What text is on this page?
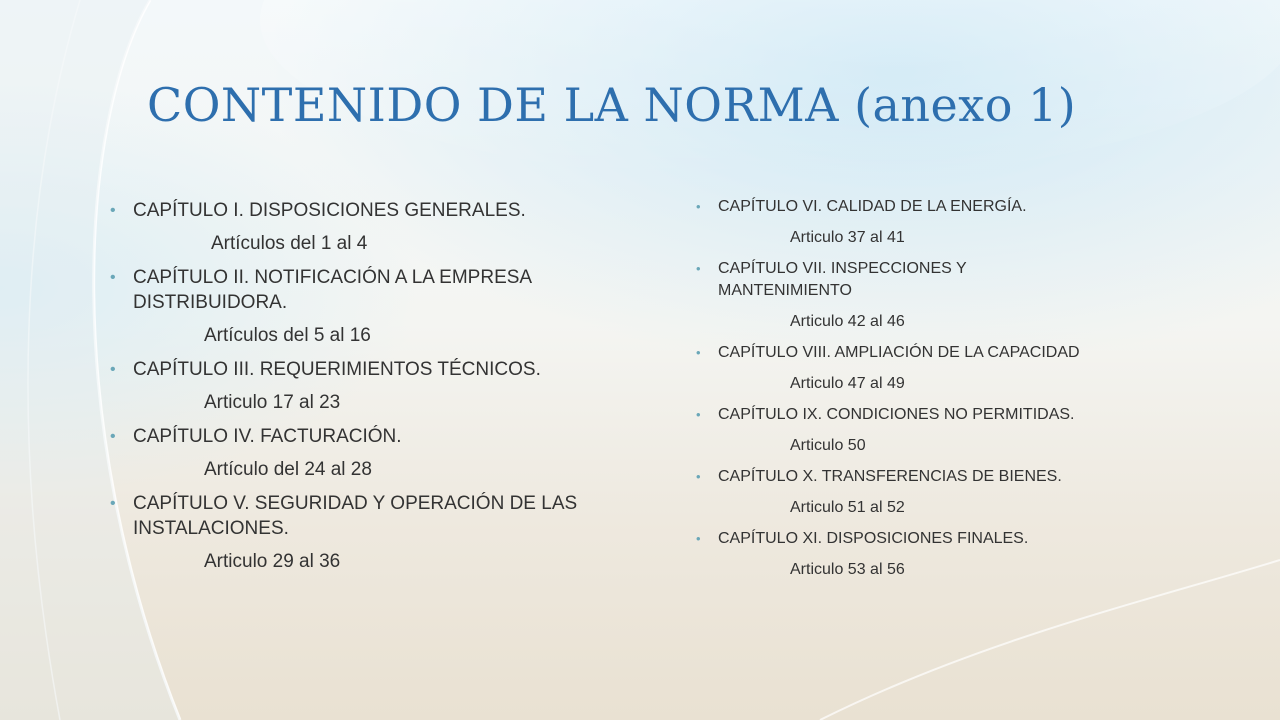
CONTENIDO DE LA NORMA (anexo 1)
• CAPÍTULO I. DISPOSICIONES GENERALES.
Artículos del 1 al 4
• CAPÍTULO II. NOTIFICACIÓN A LA EMPRESA DISTRIBUIDORA.
Artículos del 5 al 16
• CAPÍTULO III. REQUERIMIENTOS TÉCNICOS.
Articulo 17 al 23
• CAPÍTULO IV. FACTURACIÓN.
Artículo del 24 al 28
• CAPÍTULO V. SEGURIDAD Y OPERACIÓN DE LAS INSTALACIONES.
Articulo 29 al 36
• CAPÍTULO VI. CALIDAD DE LA ENERGÍA.
Articulo 37 al 41
• CAPÍTULO VII. INSPECCIONES Y MANTENIMIENTO
Articulo 42 al 46
• CAPÍTULO VIII. AMPLIACIÓN DE LA CAPACIDAD
Articulo 47 al 49
• CAPÍTULO IX. CONDICIONES NO PERMITIDAS.
Articulo 50
• CAPÍTULO X. TRANSFERENCIAS DE BIENES.
Articulo 51 al 52
• CAPÍTULO XI. DISPOSICIONES FINALES.
Articulo 53 al 56
